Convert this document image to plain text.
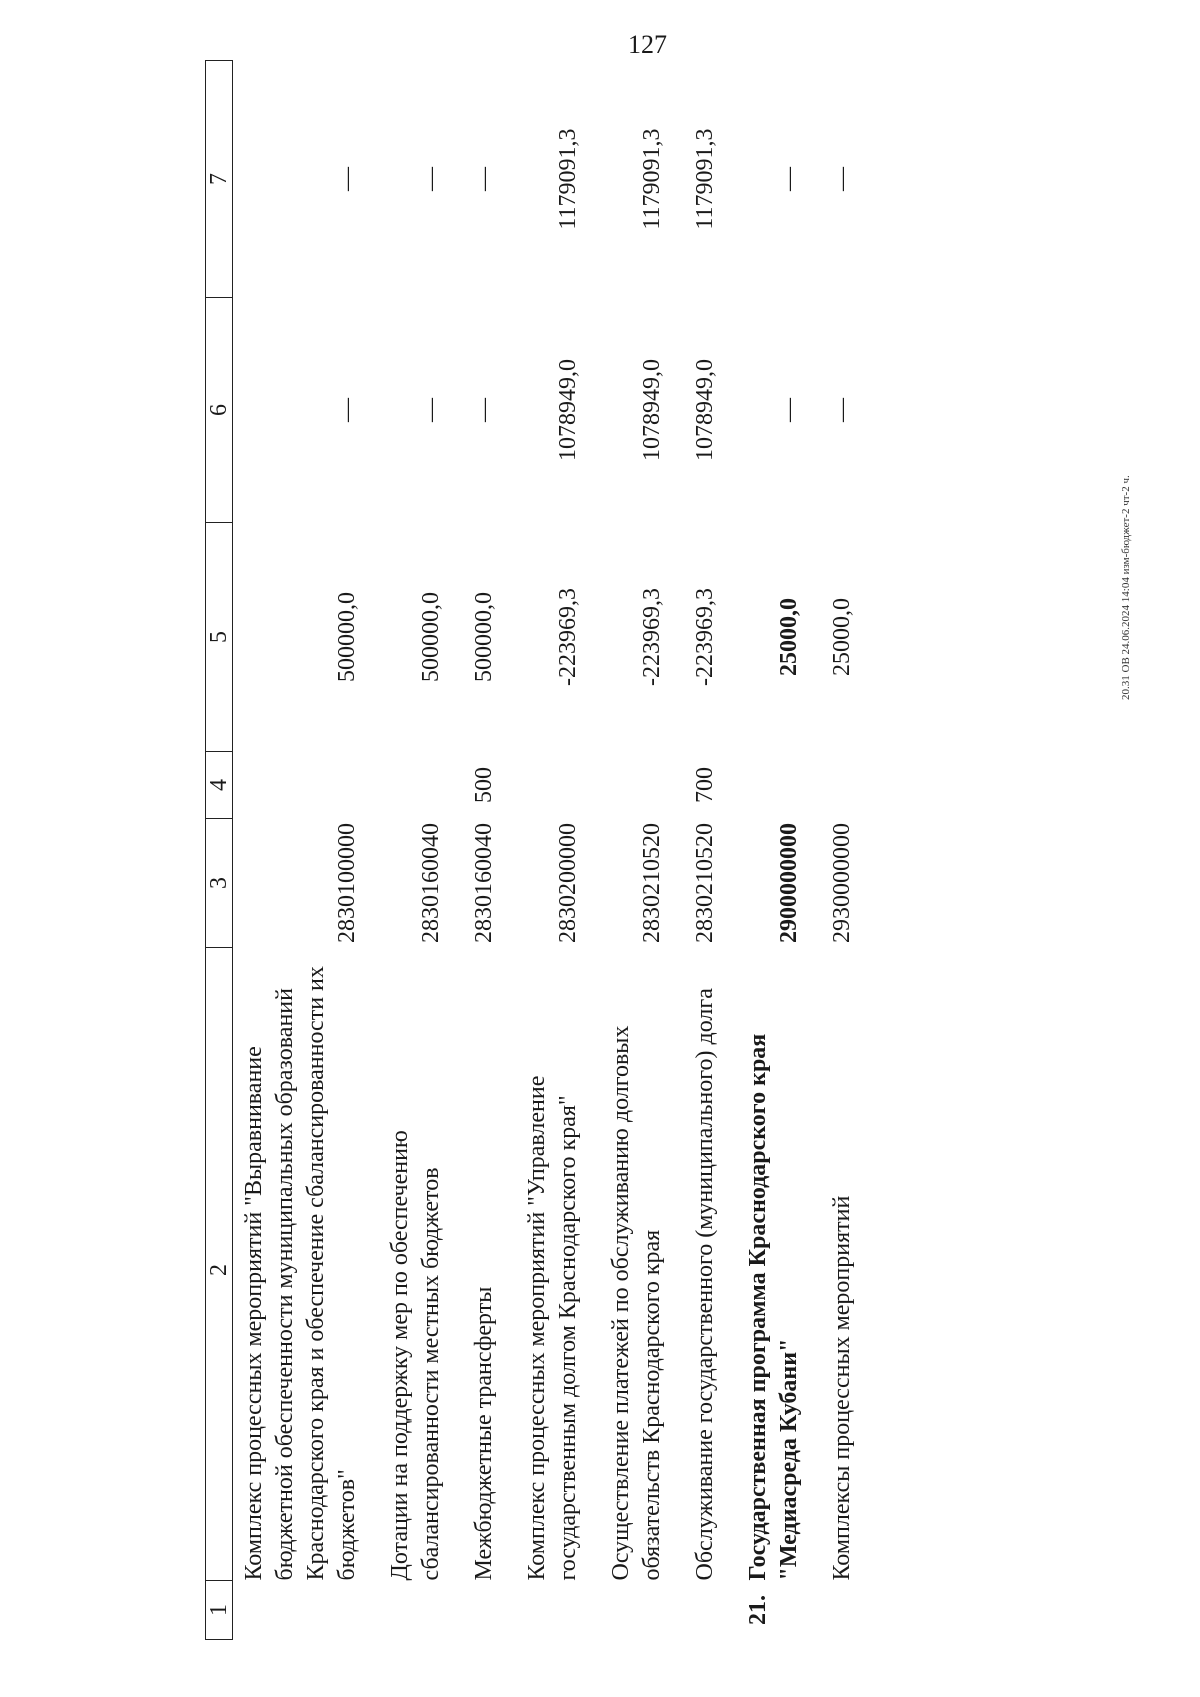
127
1	2	3	4	5	6	7
	Комплекс процессных мероприятий "Выравнивание бюджетной обеспеченности муниципальных образований Краснодарского края и обеспечение сбалансированности их бюджетов"	2830100000		500000,0	—	—
	Дотации на поддержку мер по обеспечению сбалансированности местных бюджетов	2830160040		500000,0	—	—
	Межбюджетные трансферты	2830160040	500	500000,0	—	—
	Комплекс процессных мероприятий "Управление государственным долгом Краснодарского края"	2830200000		-223969,3	1078949,0	1179091,3
	Осуществление платежей по обслуживанию долговых обязательств Краснодарского края	2830210520		-223969,3	1078949,0	1179091,3
	Обслуживание государственного (муниципального) долга	2830210520	700	-223969,3	1078949,0	1179091,3
21.	Государственная программа Краснодарского края "Медиасреда Кубани"	2900000000		25000,0	—	—
	Комплексы процессных мероприятий	2930000000		25000,0	—	—
20.31 OB 24.06.2024 14:04 изм-бюджет-2 чт-2 ч.
